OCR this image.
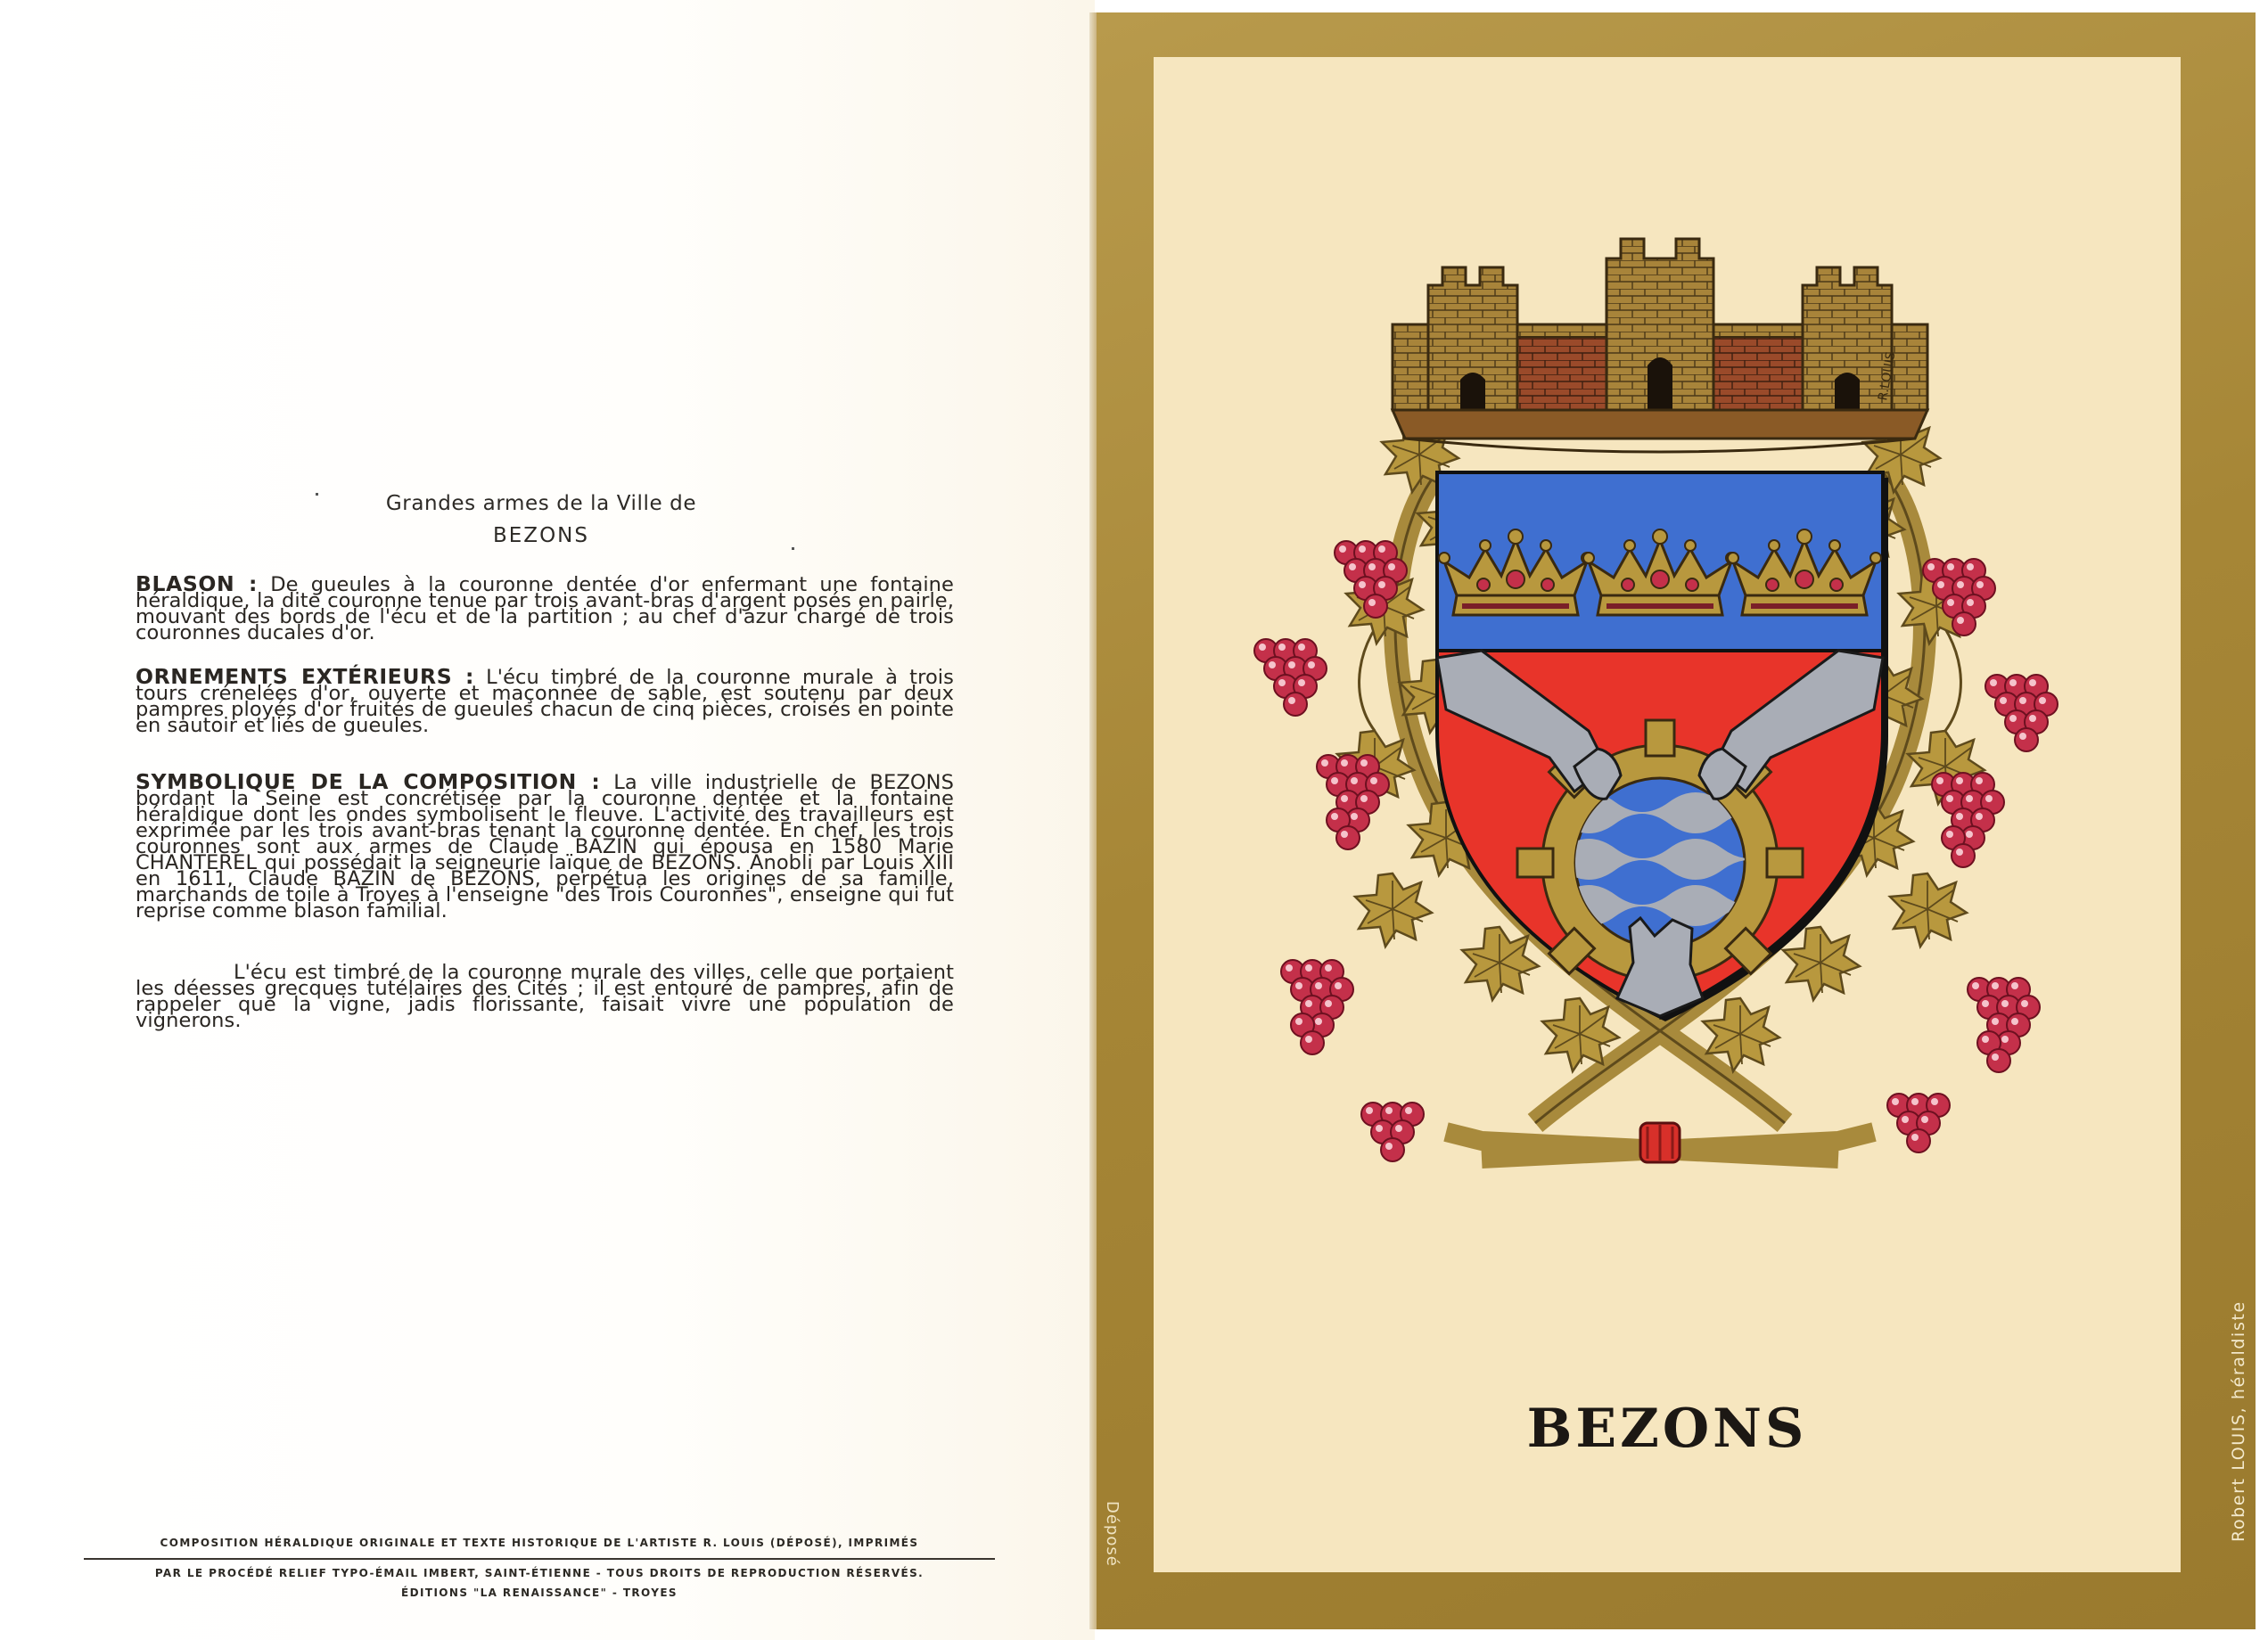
Grandes armes de la Ville de
BEZONS
BLASON : De gueules à la couronne dentée d'or enfermant une fontaine héraldique, la dite couronne tenue par trois avant-bras d'argent posés en pairle, mouvant des bords de l'écu et de la partition ; au chef d'azur chargé de trois couronnes ducales d'or.
ORNEMENTS EXTÉRIEURS : L'écu timbré de la couronne murale à trois tours crénelées d'or, ouverte et maçonnée de sable, est soutenu par deux pampres ployés d'or fruités de gueules chacun de cinq pièces, croisés en pointe en sautoir et liés de gueules.
SYMBOLIQUE DE LA COMPOSITION : La ville industrielle de BEZONS bordant la Seine est concrétisée par la couronne dentée et la fontaine héraldique dont les ondes symbolisent le fleuve. L'activité des travailleurs est exprimée par les trois avant-bras tenant la couronne dentée. En chef, les trois couronnes sont aux armes de Claude BAZIN qui épousa en 1580 Marie CHANTEREL qui possédait la seigneurie laïque de BEZONS. Anobli par Louis XIII en 1611, Claude BAZIN de BEZONS, perpétua les origines de sa famille, marchands de toile à Troyes à l'enseigne "des Trois Couronnes", enseigne qui fut reprise comme blason familial.
L'écu est timbré de la couronne murale des villes, celle que portaient les déesses grecques tutélaires des Cités ; il est entouré de pampres, afin de rappeler que la vigne, jadis florissante, faisait vivre une population de vignerons.
COMPOSITION HÉRALDIQUE ORIGINALE ET TEXTE HISTORIQUE DE L'ARTISTE R. LOUIS (DÉPOSÉ), IMPRIMÉS
PAR LE PROCÉDÉ RELIEF TYPO-ÉMAIL IMBERT, SAINT-ÉTIENNE - TOUS DROITS DE REPRODUCTION RÉSERVÉS.
ÉDITIONS "LA RENAISSANCE" - TROYES
Déposé	Robert LOUIS, héraldiste
R.LOUIS
BEZONS
